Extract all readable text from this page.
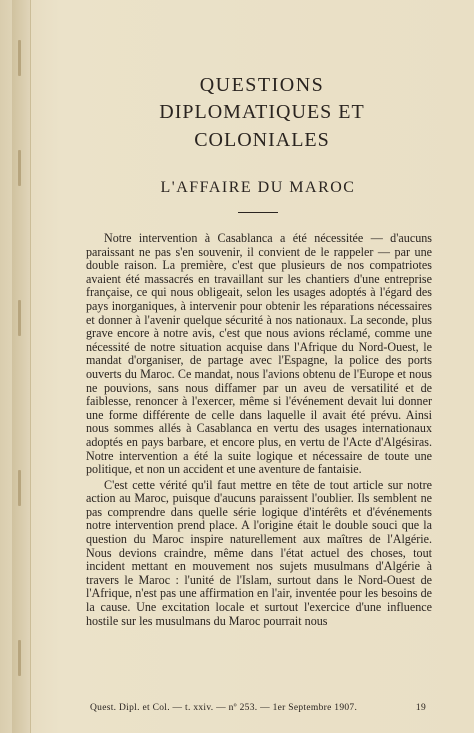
QUESTIONS
DIPLOMATIQUES ET COLONIALES
L'AFFAIRE DU MAROC

Notre intervention à Casablanca a été nécessitée — d'aucuns paraissant ne pas s'en souvenir, il convient de le rappeler — par une double raison. La première, c'est que plusieurs de nos compatriotes avaient été massacrés en travaillant sur les chantiers d'une entreprise française, ce qui nous obligeait, selon les usages adoptés à l'égard des pays inorganiques, à intervenir pour obtenir les réparations nécessaires et donner à l'avenir quelque sécurité à nos nationaux. La seconde, plus grave encore à notre avis, c'est que nous avions réclamé, comme une nécessité de notre situation acquise dans l'Afrique du Nord-Ouest, le mandat d'organiser, de partage avec l'Espagne, la police des ports ouverts du Maroc. Ce mandat, nous l'avions obtenu de l'Europe et nous ne pouvions, sans nous diffamer par un aveu de versatilité et de faiblesse, renoncer à l'exercer, même si l'événement devait lui donner une forme différente de celle dans laquelle il avait été prévu. Ainsi nous sommes allés à Casablanca en vertu des usages internationaux adoptés en pays barbare, et encore plus, en vertu de l'Acte d'Algésiras. Notre intervention a été la suite logique et nécessaire de toute une politique, et non un accident et une aventure de fantaisie.

C'est cette vérité qu'il faut mettre en tête de tout article sur notre action au Maroc, puisque d'aucuns paraissent l'oublier. Ils semblent ne pas comprendre dans quelle série logique d'intérêts et d'événements notre intervention prend place. A l'origine était le double souci que la question du Maroc inspire naturellement aux maîtres de l'Algérie. Nous devions craindre, même dans l'état actuel des choses, tout incident mettant en mouvement nos sujets musulmans d'Algérie à travers le Maroc : l'unité de l'Islam, surtout dans le Nord-Ouest de l'Afrique, n'est pas une affirmation en l'air, inventée pour les besoins de la cause. Une excitation locale et surtout l'exercice d'une influence hostile sur les musulmans du Maroc pourrait nous

Quest. Dipl. et Col. — t. xxiv. — nº 253. — 1er Septembre 1907.	19
